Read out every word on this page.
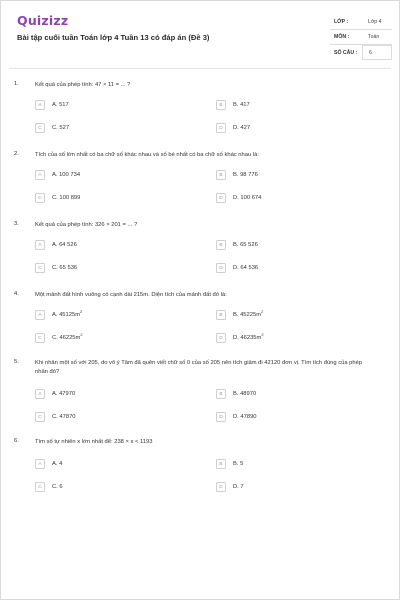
Quizizz
Bài tập cuối tuần Toán lớp 4 Tuần 13 có đáp án (Đề 3)
LỚP :	Lớp 4
MÔN :	Toán
SỐ CÂU :	6
1.	Kết quả của phép tính: 47 × 11 = ... ?
A	A. 517	B	B. 417
C	C. 527	D	D. 427
2.	Tích của số lớn nhất có ba chữ số khác nhau và số bé nhất có ba chữ số khác nhau là:
A	A. 100 734	B	B. 98 776
C	C. 100 899	D	D. 100 674
3.	Kết quả của phép tính: 326 × 201 = ... ?
A	A. 64 526	B	B. 65 526
C	C. 65 536	D	D. 64 536
4.	Một mảnh đất hình vuông có cạnh dài 215m. Diện tích của mảnh đất đó là:
A	A. $45125m^2$
B	B. $45225m^2$
C	C. $46225m^2$
D	D. $46235m^2$
5.	Khi nhân một số với 205, do vô ý Tâm đã quên viết chữ số 0 của số 205 nên tích giảm đi 42120 đơn vị. Tìm tích đúng của phép nhân đó?
A	A. 47970	B	B. 48970
C	C. 47870	D	D. 47890
6.	Tìm số tự nhiên x lớn nhất để: 238 × x < 1193
A	A. 4	B	B. 5
C	C. 6	D	D. 7
